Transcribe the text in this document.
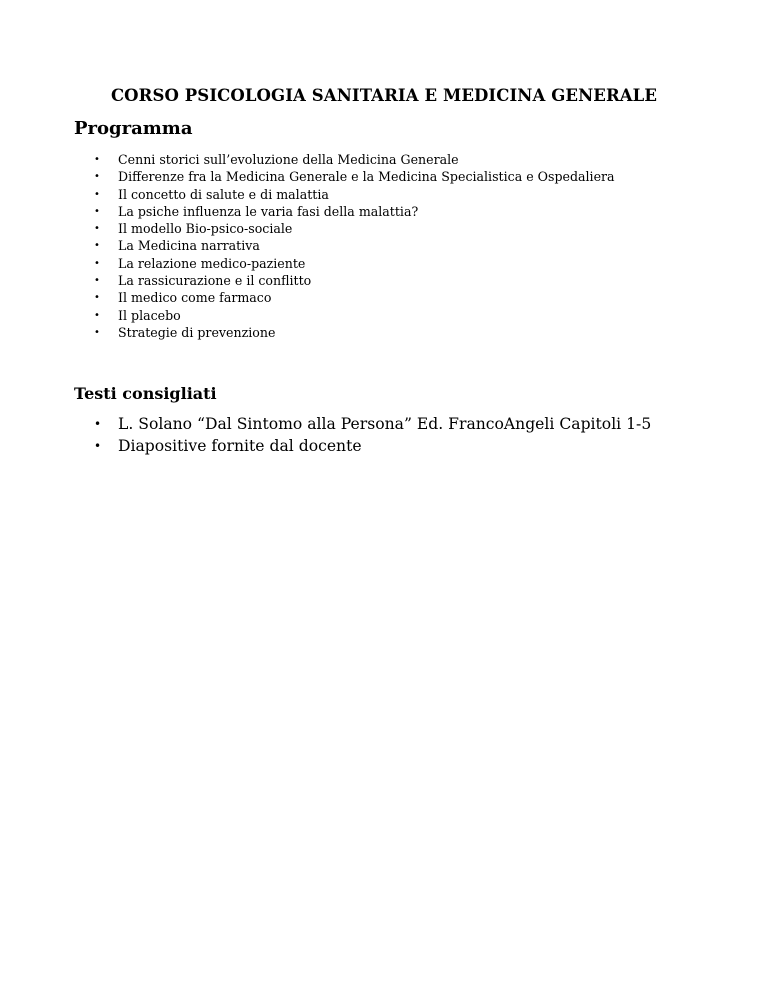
CORSO PSICOLOGIA SANITARIA E MEDICINA GENERALE
Programma
• Cenni storici sull’evoluzione della Medicina Generale
• Differenze fra la Medicina Generale e la Medicina Specialistica e Ospedaliera
• Il concetto di salute e di malattia
• La psiche influenza le varia fasi della malattia?
• Il modello Bio-psico-sociale
• La Medicina narrativa
• La relazione medico-paziente
• La rassicurazione e il conflitto
• Il medico come farmaco
• Il placebo
• Strategie di prevenzione
Testi consigliati
• L. Solano “Dal Sintomo alla Persona” Ed. FrancoAngeli Capitoli 1-5
• Diapositive fornite dal docente
